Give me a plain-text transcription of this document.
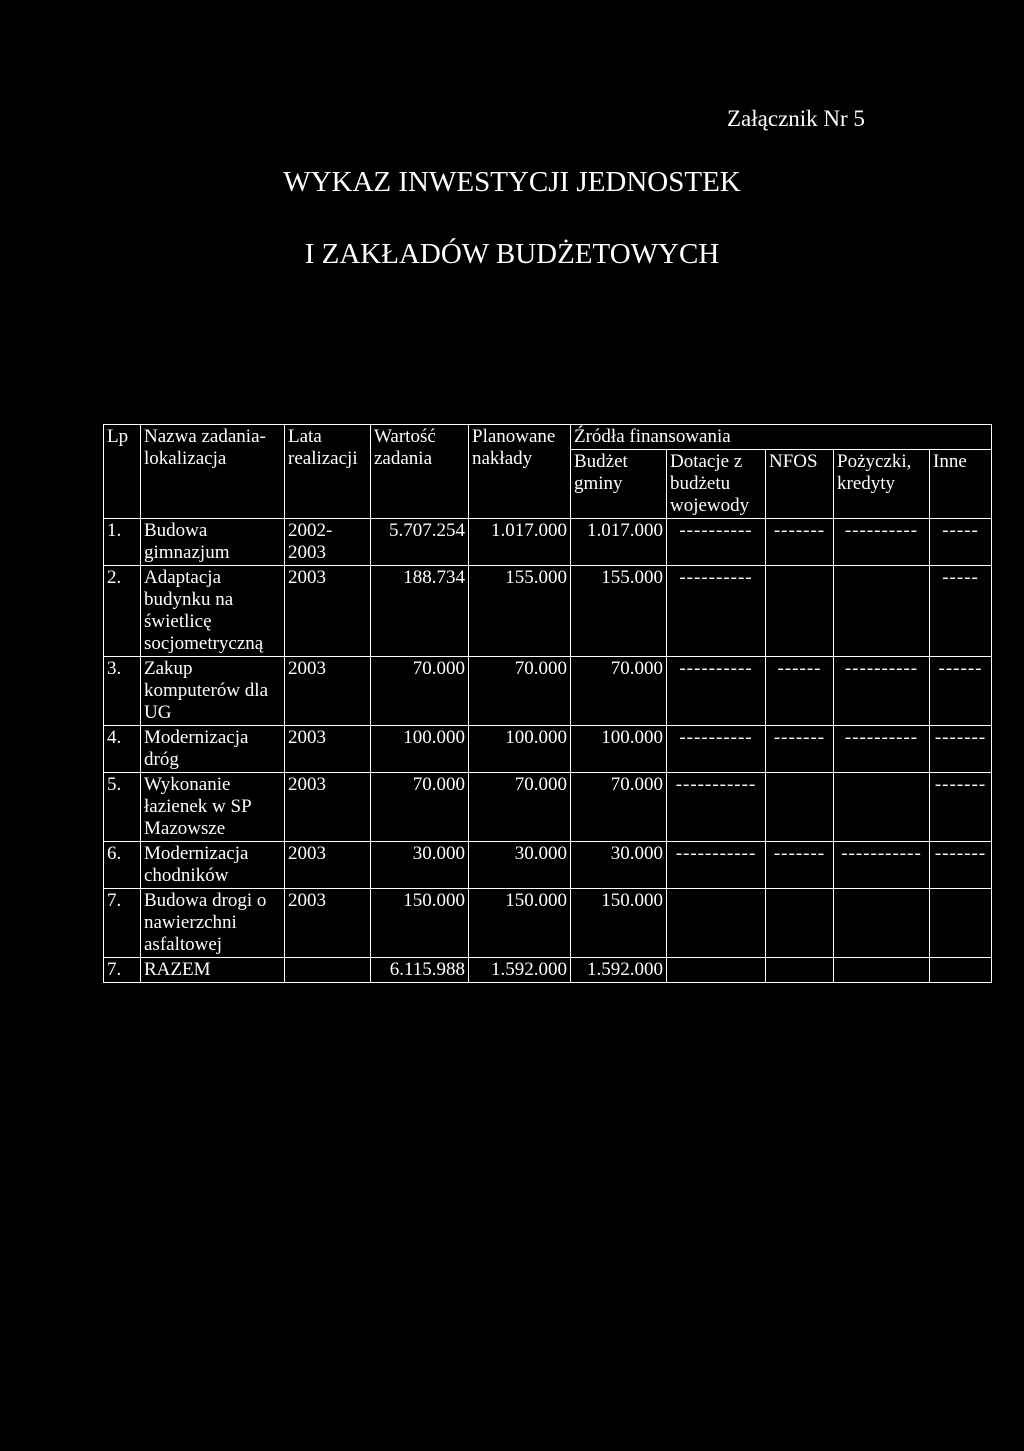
Załącznik Nr 5
WYKAZ INWESTYCJI JEDNOSTEK
I ZAKŁADÓW BUDŻETOWYCH
Lp	Nazwa zadania-lokalizacja	Lata realizacji	Wartość zadania	Planowane nakłady	Źródła finansowania				
					Budżet gminy	Dotacje z budżetu wojewody	NFOS	Pożyczki, kredyty	Inne
1.	Budowa gimnazjum	2002-2003	5.707.254	1.017.000	1.017.000	----------	-------	----------	-----
2.	Adaptacja budynku na świetlicę socjometryczną	2003	188.734	155.000	155.000	----------			-----
3.	Zakup komputerów dla UG	2003	70.000	70.000	70.000	----------	------	----------	------
4.	Modernizacja dróg	2003	100.000	100.000	100.000	----------	-------	----------	-------
5.	Wykonanie łazienek w SP Mazowsze	2003	70.000	70.000	70.000	-----------			-------
6.	Modernizacja chodników	2003	30.000	30.000	30.000	-----------	-------	-----------	-------
7.	Budowa drogi o nawierzchni asfaltowej	2003	150.000	150.000	150.000				
7.	RAZEM		6.115.988	1.592.000	1.592.000				
